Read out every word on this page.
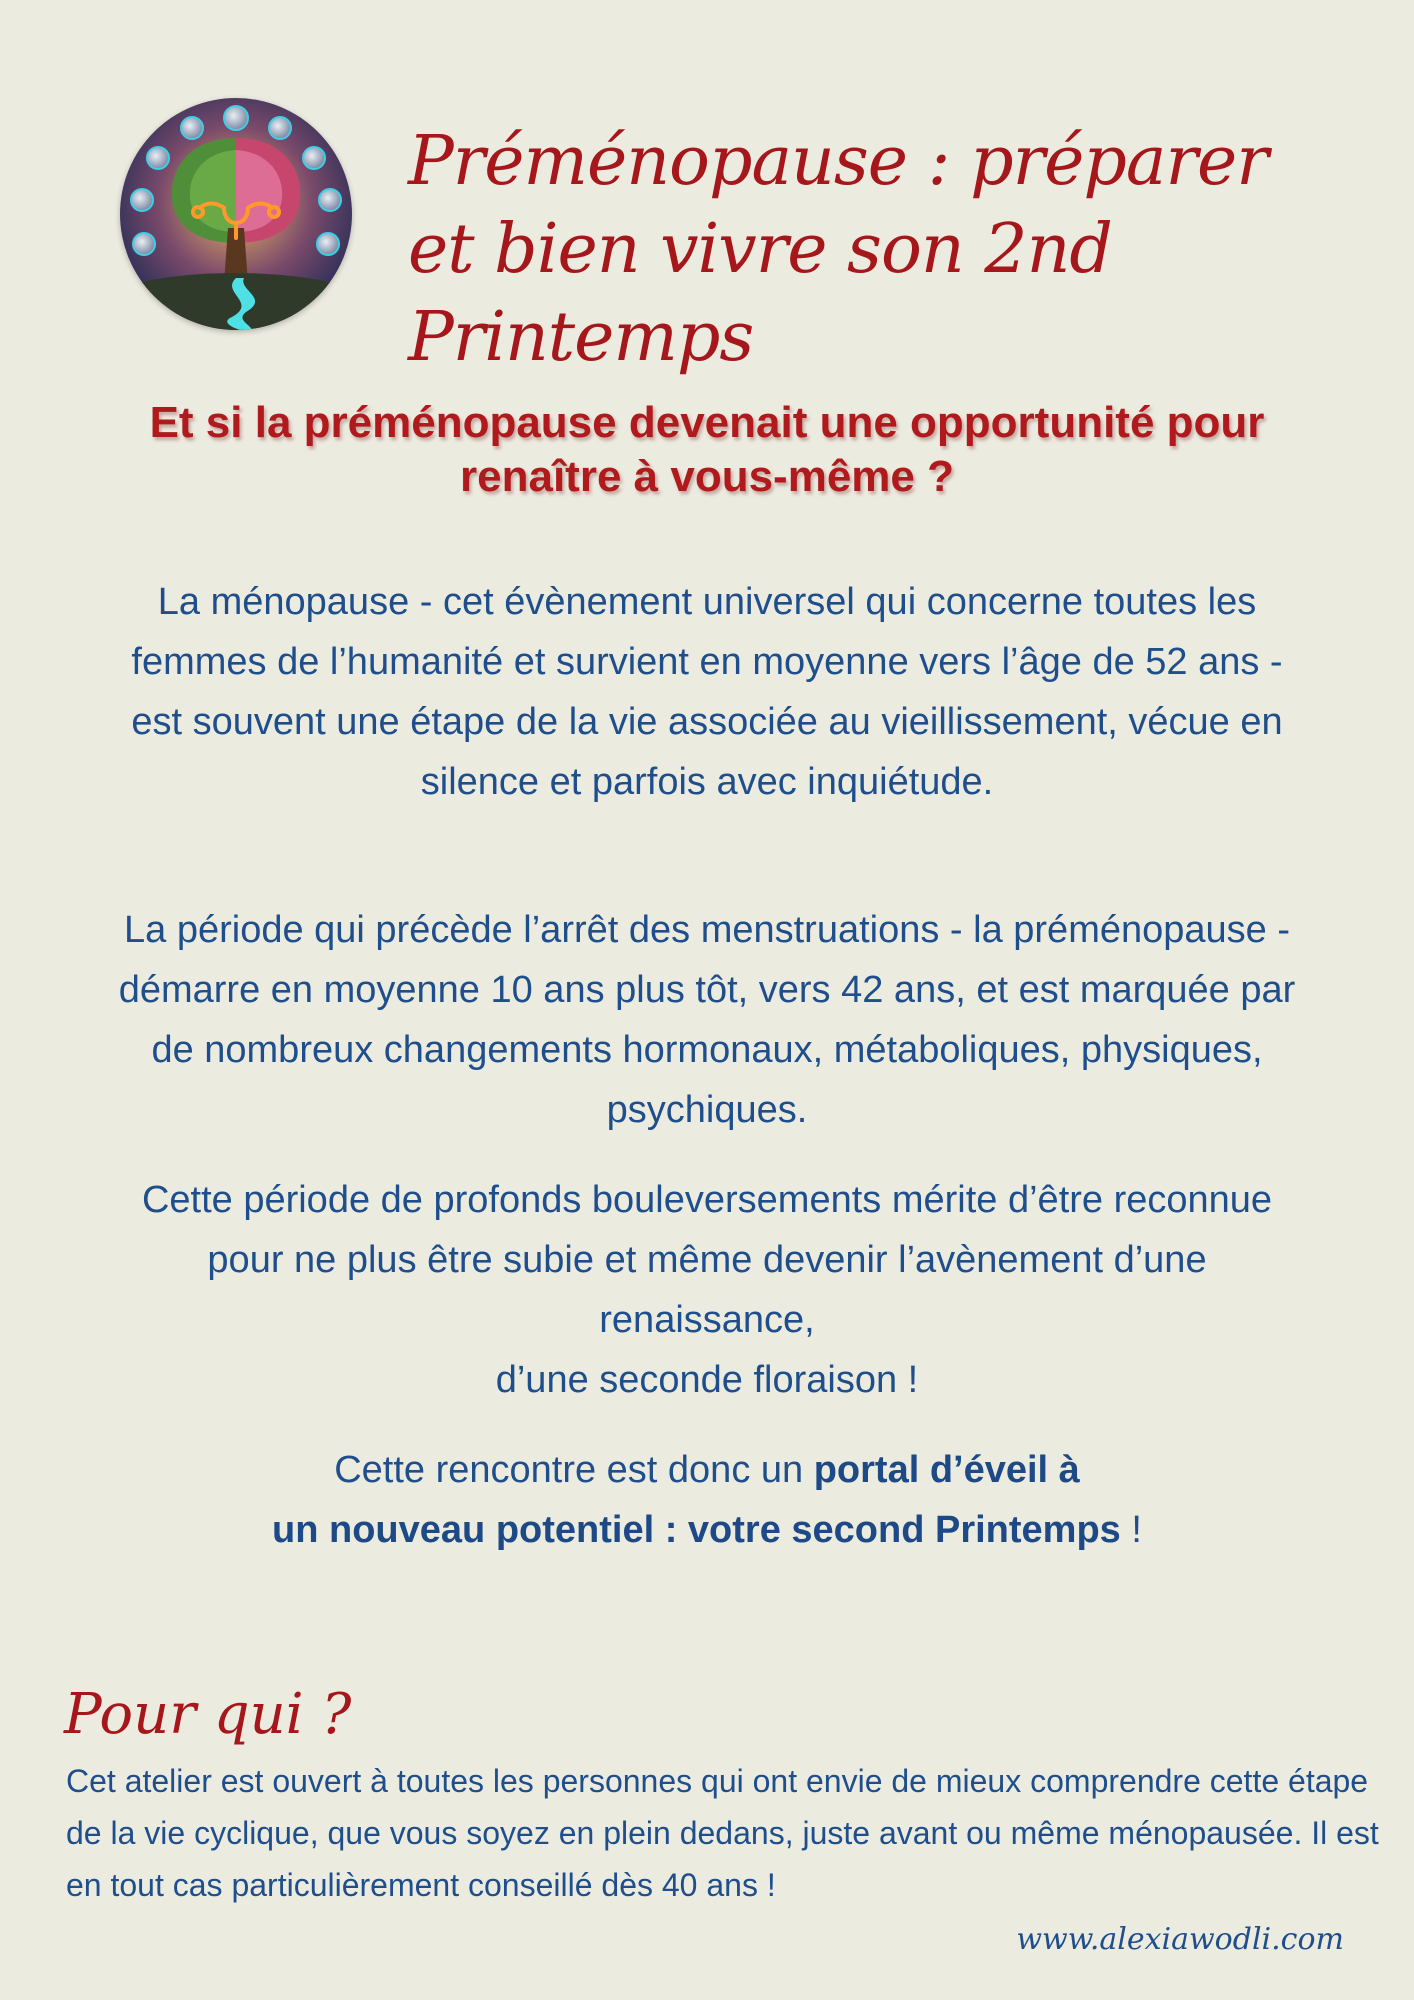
Préménopause : préparer et bien vivre son 2nd Printemps
Et si la préménopause devenait une opportunité pour renaître à vous-même ?

La ménopause - cet évènement universel qui concerne toutes les femmes de l’humanité et survient en moyenne vers l’âge de 52 ans - est souvent une étape de la vie associée au vieillissement, vécue en silence et parfois avec inquiétude.

La période qui précède l’arrêt des menstruations - la préménopause - démarre en moyenne 10 ans plus tôt, vers 42 ans, et est marquée par de nombreux changements hormonaux, métaboliques, physiques, psychiques.

Cette période de profonds bouleversements mérite d’être reconnue pour ne plus être subie et même devenir l’avènement d’une renaissance,
d’une seconde floraison !
Cette rencontre est donc un portal d’éveil à
un nouveau potentiel : votre second Printemps !
Pour qui ?

Cet atelier est ouvert à toutes les personnes qui ont envie de mieux comprendre cette étape de la vie cyclique, que vous soyez en plein dedans, juste avant ou même ménopausée. Il est en tout cas particulièrement conseillé dès 40 ans !

www.alexiawodli.com
